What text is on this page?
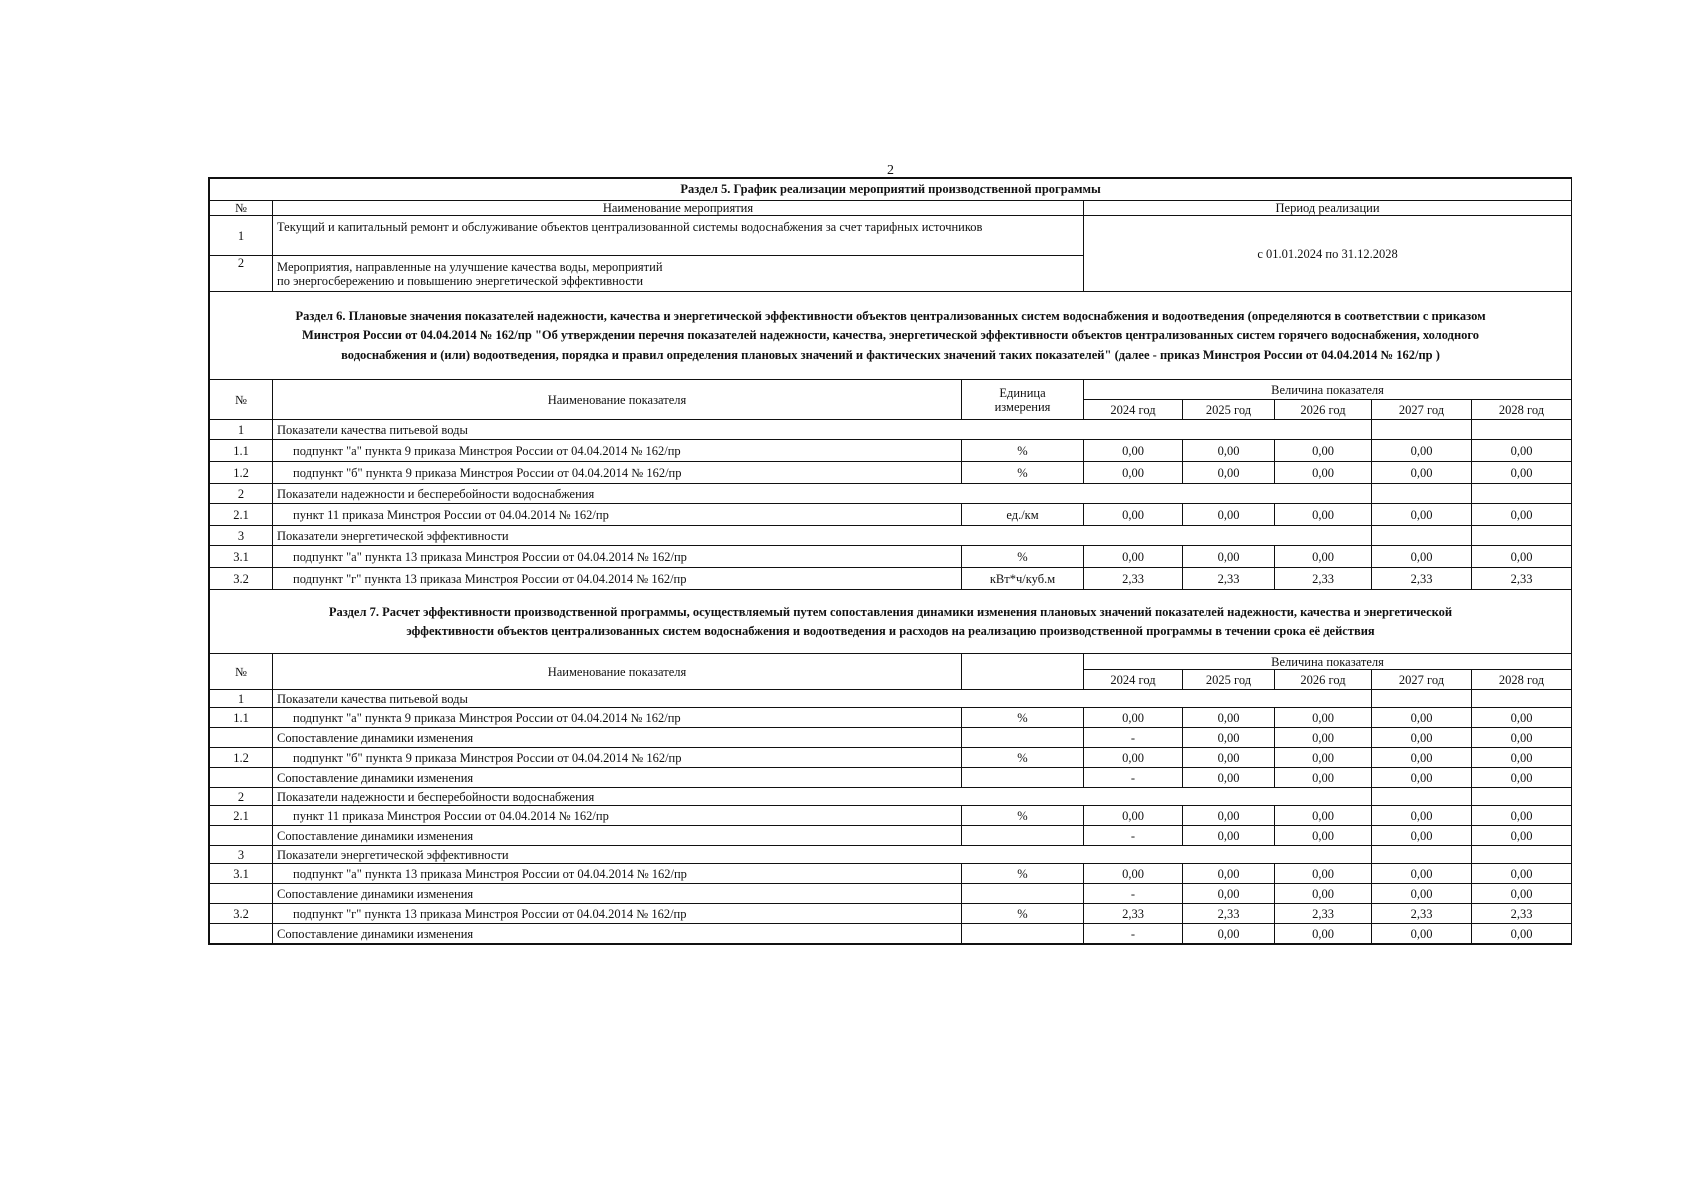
2
Раздел 5. График реализации мероприятий производственной программы							
№	Наименование мероприятия		Период реализации				
1	Текущий и капитальный ремонт и обслуживание объектов централизованной системы водоснабжения за счет тарифных источников		с 01.01.2024 по 31.12.2028				
2	Мероприятия, направленные на улучшение качества воды, мероприятий
по энергосбережению и повышению энергетической эффективности						

Раздел 6. Плановые значения показателей надежности, качества и энергетической эффективности объектов централизованных систем водоснабжения и водоотведения (определяются в соответствии с приказом
Минстроя России от 04.04.2014 № 162/пр "Об утверждении перечня показателей надежности, качества, энергетической эффективности объектов централизованных систем горячего водоснабжения, холодного
водоснабжения и (или) водоотведения, порядка и правил определения плановых значений и фактических значений таких показателей" (далее - приказ Минстроя России от 04.04.2014 № 162/пр )							

№	Наименование показателя	Единица
измерения	Величина показателя				
			2024 год	2025 год	2026 год	2027 год	2028 год
1	Показатели качества питьевой воды						
1.1	подпункт "а" пункта 9 приказа Минстроя России от 04.04.2014 № 162/пр	%	0,00	0,00	0,00	0,00	0,00
1.2	подпункт "б" пункта 9 приказа Минстроя России от 04.04.2014 № 162/пр	%	0,00	0,00	0,00	0,00	0,00
2	Показатели надежности и бесперебойности водоснабжения						
2.1	пункт 11 приказа Минстроя России от 04.04.2014 № 162/пр	ед./км	0,00	0,00	0,00	0,00	0,00
3	Показатели энергетической эффективности						
3.1	подпункт "а" пункта 13 приказа Минстроя России от 04.04.2014 № 162/пр	%	0,00	0,00	0,00	0,00	0,00
3.2	подпункт "г" пункта 13 приказа Минстроя России от 04.04.2014 № 162/пр	кВт*ч/куб.м	2,33	2,33	2,33	2,33	2,33

Раздел 7. Расчет эффективности производственной программы, осуществляемый путем сопоставления динамики изменения плановых значений показателей надежности, качества и энергетической
эффективности объектов централизованных систем водоснабжения и водоотведения и расходов на реализацию производственной программы в течении срока её действия							

№	Наименование показателя		Величина показателя				
			2024 год	2025 год	2026 год	2027 год	2028 год
1	Показатели качества питьевой воды						
1.1	подпункт "а" пункта 9 приказа Минстроя России от 04.04.2014 № 162/пр	%	0,00	0,00	0,00	0,00	0,00
	Сопоставление динамики изменения		-	0,00	0,00	0,00	0,00
1.2	подпункт "б" пункта 9 приказа Минстроя России от 04.04.2014 № 162/пр	%	0,00	0,00	0,00	0,00	0,00
	Сопоставление динамики изменения		-	0,00	0,00	0,00	0,00
2	Показатели надежности и бесперебойности водоснабжения						
2.1	пункт 11 приказа Минстроя России от 04.04.2014 № 162/пр	%	0,00	0,00	0,00	0,00	0,00
	Сопоставление динамики изменения		-	0,00	0,00	0,00	0,00
3	Показатели энергетической эффективности						
3.1	подпункт "а" пункта 13 приказа Минстроя России от 04.04.2014 № 162/пр	%	0,00	0,00	0,00	0,00	0,00
	Сопоставление динамики изменения		-	0,00	0,00	0,00	0,00
3.2	подпункт "г" пункта 13 приказа Минстроя России от 04.04.2014 № 162/пр	%	2,33	2,33	2,33	2,33	2,33
	Сопоставление динамики изменения		-	0,00	0,00	0,00	0,00
